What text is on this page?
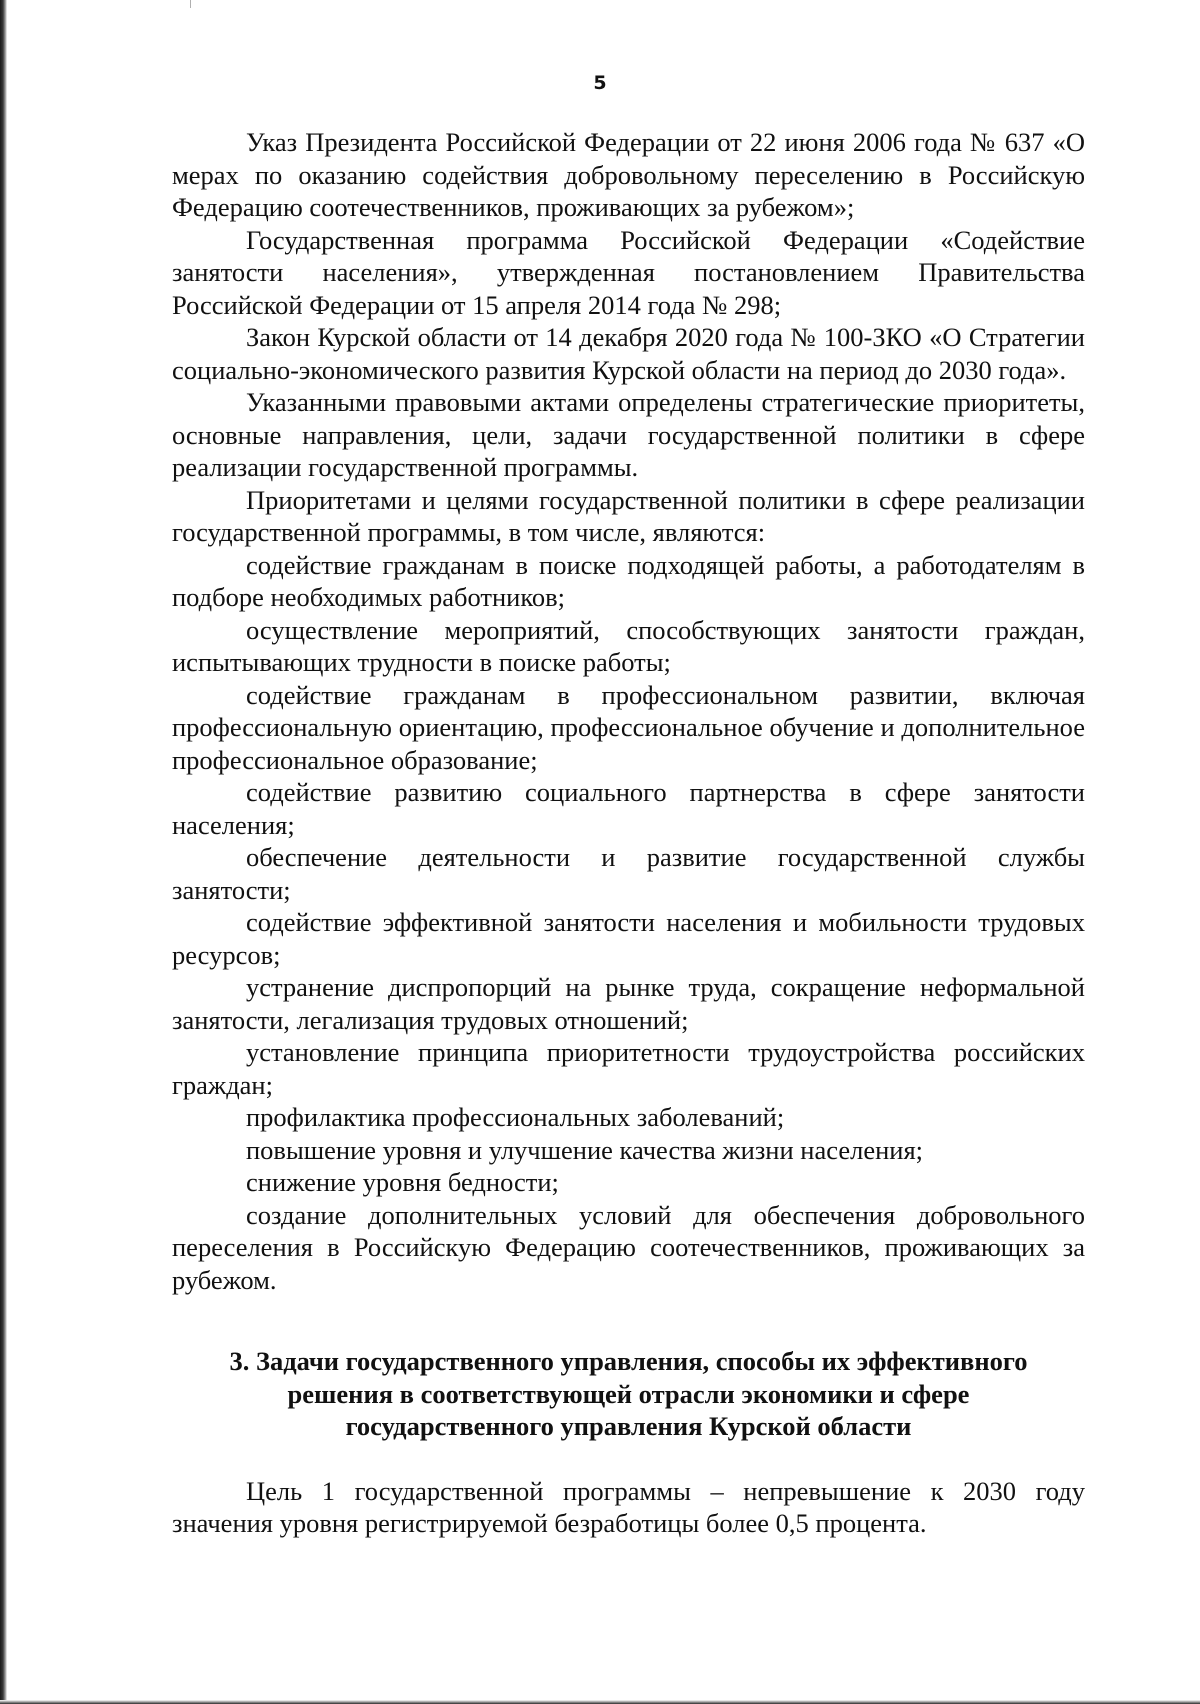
5

Указ Президента Российской Федерации от 22 июня 2006 года № 637 «О мерах по оказанию содействия добровольному переселению в Российскую Федерацию соотечественников, проживающих за рубежом»;

Государственная программа Российской Федерации «Содействие занятости населения», утвержденная постановлением Правительства Российской Федерации от 15 апреля 2014 года № 298;

Закон Курской области от 14 декабря 2020 года № 100-ЗКО «О Стратегии социально-экономического развития Курской области на период до 2030 года».

Указанными правовыми актами определены стратегические приоритеты, основные направления, цели, задачи государственной политики в сфере реализации государственной программы.

Приоритетами и целями государственной политики в сфере реализации государственной программы, в том числе, являются:

содействие гражданам в поиске подходящей работы, а работодателям в подборе необходимых работников;

осуществление мероприятий, способствующих занятости граждан, испытывающих трудности в поиске работы;

содействие гражданам в профессиональном развитии, включая профессиональную ориентацию, профессиональное обучение и дополнительное профессиональное образование;

содействие развитию социального партнерства в сфере занятости населения;

обеспечение деятельности и развитие государственной службы занятости;

содействие эффективной занятости населения и мобильности трудовых ресурсов;

устранение диспропорций на рынке труда, сокращение неформальной занятости, легализация трудовых отношений;

установление принципа приоритетности трудоустройства российских граждан;

профилактика профессиональных заболеваний;

повышение уровня и улучшение качества жизни населения;

снижение уровня бедности;

создание дополнительных условий для обеспечения добровольного переселения в Российскую Федерацию соотечественников, проживающих за рубежом.

3. Задачи государственного управления, способы их эффективного
решения в соответствующей отрасли экономики и сфере
государственного управления Курской области

Цель 1 государственной программы – непревышение к 2030 году значения уровня регистрируемой безработицы более 0,5 процента.
